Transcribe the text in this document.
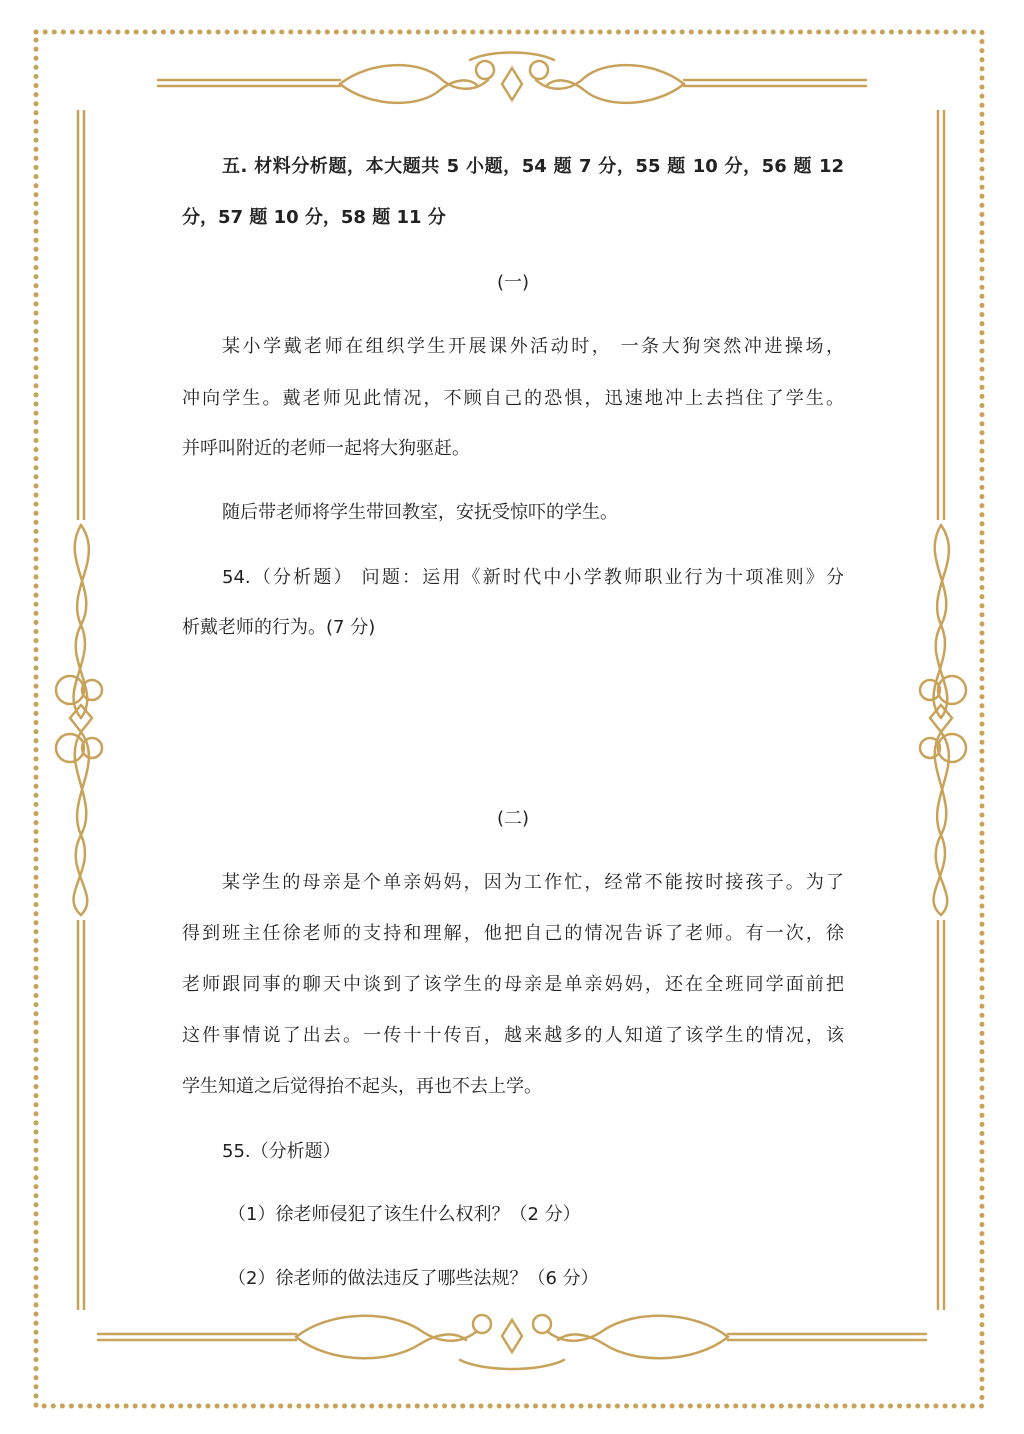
五. 材料分析题，本大题共 5 小题，54 题 7 分，55 题 10 分，56 题 12
分，57 题 10 分，58 题 11 分
(一)
某小学戴老师在组织学生开展课外活动时， 一条大狗突然冲进操场，
冲向学生。戴老师见此情况，不顾自己的恐惧，迅速地冲上去挡住了学生。
并呼叫附近的老师一起将大狗驱赶。
随后带老师将学生带回教室，安抚受惊吓的学生。
54.（分析题） 问题：运用《新时代中小学教师职业行为十项准则》分
析戴老师的行为。(7 分)
(二)
某学生的母亲是个单亲妈妈，因为工作忙，经常不能按时接孩子。为了
得到班主任徐老师的支持和理解，他把自己的情况告诉了老师。有一次，徐
老师跟同事的聊天中谈到了该学生的母亲是单亲妈妈，还在全班同学面前把
这件事情说了出去。一传十十传百，越来越多的人知道了该学生的情况，该
学生知道之后觉得抬不起头，再也不去上学。
55.（分析题）
（1）徐老师侵犯了该生什么权利？（2 分）
（2）徐老师的做法违反了哪些法规？（6 分）
